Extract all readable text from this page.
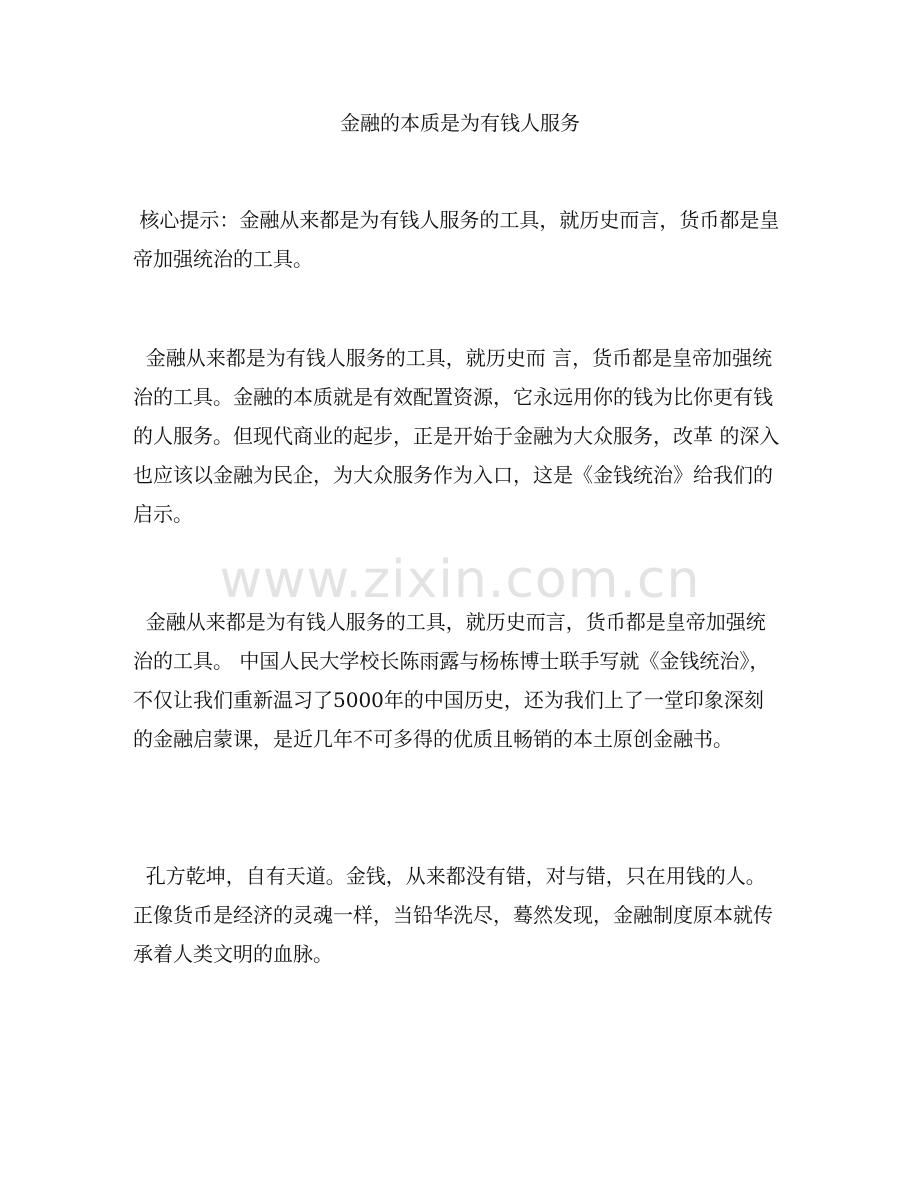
金融的本质是为有钱人服务

核心提示：金融从来都是为有钱人服务的工具，就历史而言，货币都是皇帝加强统治的工具。

金融从来都是为有钱人服务的工具，就历史而 言，货币都是皇帝加强统治的工具。金融的本质就是有效配置资源，它永远用你的钱为比你更有钱的人服务。但现代商业的起步，正是开始于金融为大众服务，改革 的深入也应该以金融为民企，为大众服务作为入口，这是《金钱统治》给我们的启示。

www.zixin.com.cn

金融从来都是为有钱人服务的工具，就历史而言，货币都是皇帝加强统治的工具。 中国人民大学校长陈雨露与杨栋博士联手写就《金钱统治》，不仅让我们重新温习了5000年的中国历史，还为我们上了一堂印象深刻的金融启蒙课，是近几年不可多得的优质且畅销的本土原创金融书。

孔方乾坤，自有天道。金钱，从来都没有错，对与错，只在用钱的人。正像货币是经济的灵魂一样，当铅华洗尽，蓦然发现，金融制度原本就传承着人类文明的血脉。
